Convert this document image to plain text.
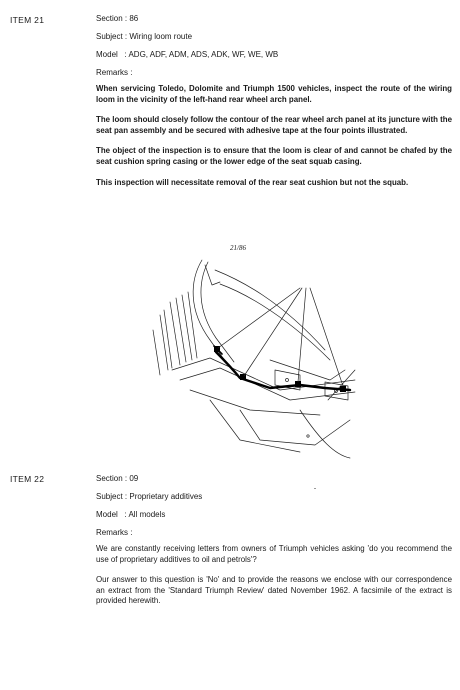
ITEM 21	Section : 86

Subject : Wiring loom route

Model   : ADG, ADF, ADM, ADS, ADK, WF, WE, WB

Remarks :

When servicing Toledo, Dolomite and Triumph 1500 vehicles, inspect the route of the wiring loom in the vicinity of the left-hand rear wheel arch panel.

The loom should closely follow the contour of the rear wheel arch panel at its juncture with the seat pan assembly and be secured with adhesive tape at the four points illustrated.

The object of the inspection is to ensure that the loom is clear of and cannot be chafed by the seat cushion spring casing or the lower edge of the seat squab casing.

This inspection will necessitate removal of the rear seat cushion but not the squab.

21/86
ITEM 22	Section : 09

Subject : Proprietary additives

Model   : All models

Remarks :

We are constantly receiving letters from owners of Triumph vehicles asking 'do you recommend the use of proprietary additives to oil and petrols'?

Our answer to this question is 'No' and to provide the reasons we enclose with our correspondence an extract from the 'Standard Triumph Review' dated November 1962. A facsimile of the extract is provided herewith.
